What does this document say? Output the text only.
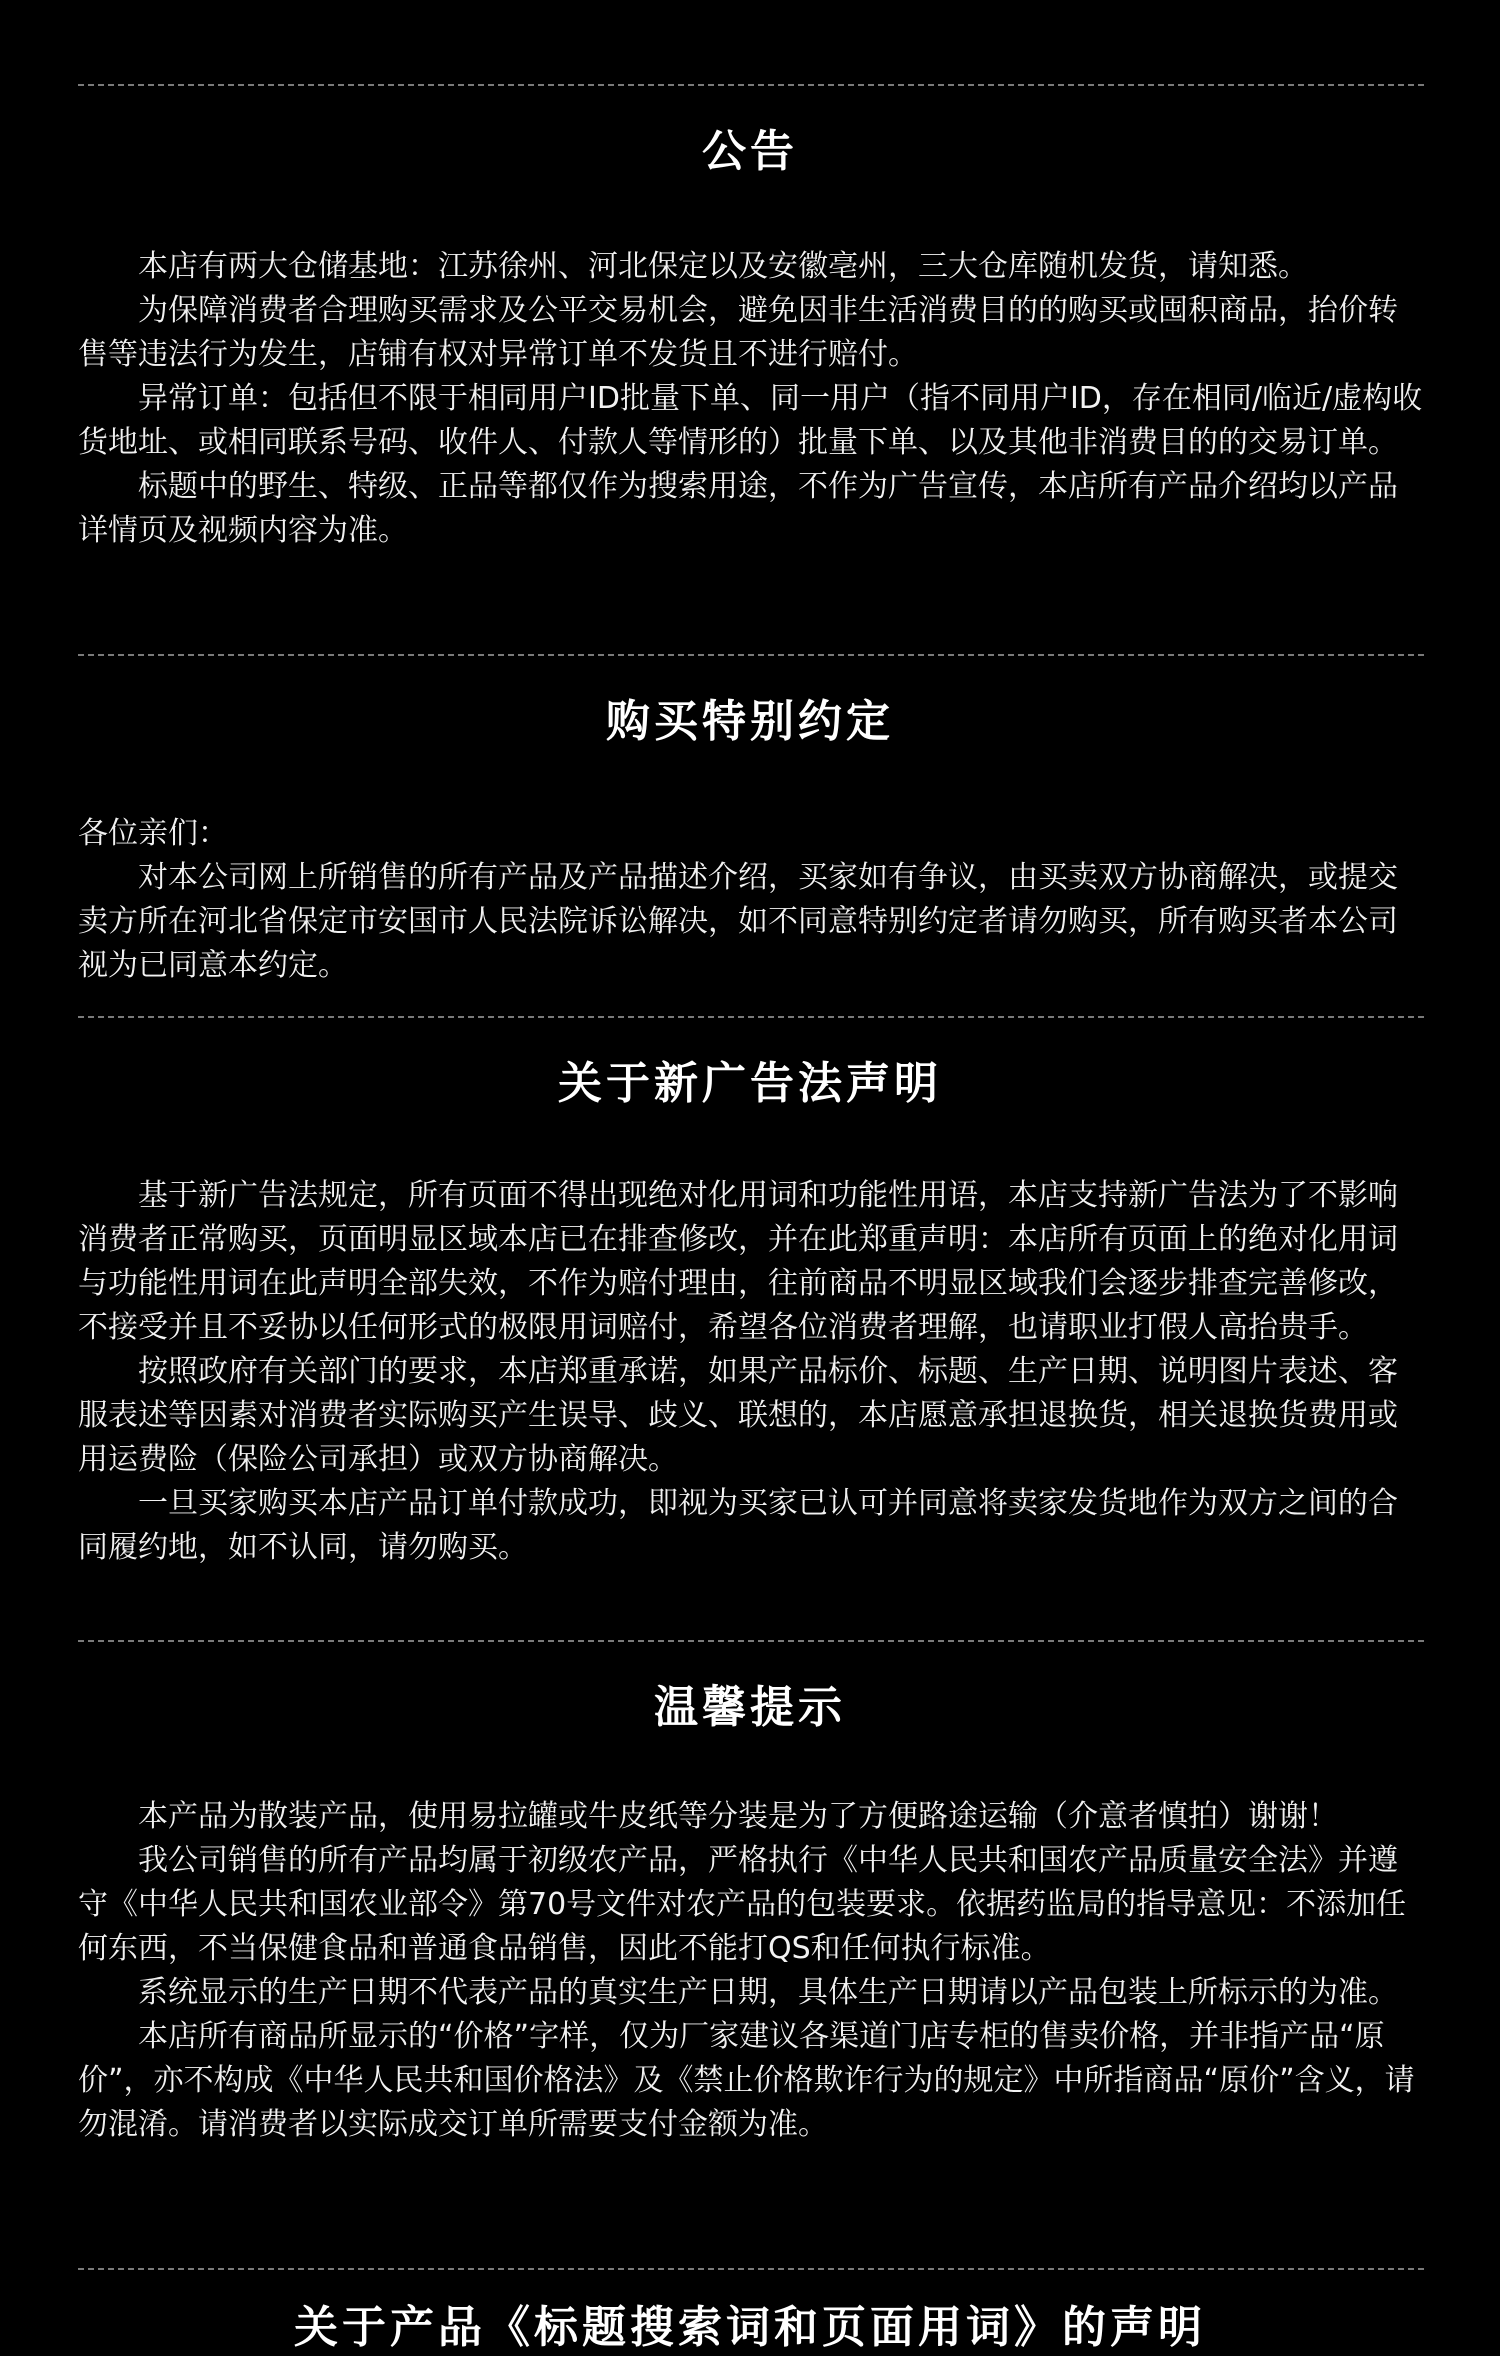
公告

本店有两大仓储基地：江苏徐州、河北保定以及安徽亳州，三大仓库随机发货，请知悉。

为保障消费者合理购买需求及公平交易机会，避免因非生活消费目的的购买或囤积商品，抬价转售等违法行为发生，店铺有权对异常订单不发货且不进行赔付。

异常订单：包括但不限于相同用户ID批量下单、同一用户（指不同用户ID，存在相同/临近/虚构收货地址、或相同联系号码、收件人、付款人等情形的）批量下单、以及其他非消费目的的交易订单。

标题中的野生、特级、正品等都仅作为搜索用途，不作为广告宣传，本店所有产品介绍均以产品详情页及视频内容为准。

购买特别约定

各位亲们：

对本公司网上所销售的所有产品及产品描述介绍，买家如有争议，由买卖双方协商解决，或提交卖方所在河北省保定市安国市人民法院诉讼解决，如不同意特别约定者请勿购买，所有购买者本公司视为已同意本约定。

关于新广告法声明

基于新广告法规定，所有页面不得出现绝对化用词和功能性用语，本店支持新广告法为了不影响消费者正常购买，页面明显区域本店已在排查修改，并在此郑重声明：本店所有页面上的绝对化用词与功能性用词在此声明全部失效，不作为赔付理由，往前商品不明显区域我们会逐步排查完善修改，不接受并且不妥协以任何形式的极限用词赔付，希望各位消费者理解，也请职业打假人高抬贵手。

按照政府有关部门的要求，本店郑重承诺，如果产品标价、标题、生产日期、说明图片表述、客服表述等因素对消费者实际购买产生误导、歧义、联想的，本店愿意承担退换货，相关退换货费用或用运费险（保险公司承担）或双方协商解决。

一旦买家购买本店产品订单付款成功，即视为买家已认可并同意将卖家发货地作为双方之间的合同履约地，如不认同，请勿购买。

温馨提示

本产品为散装产品，使用易拉罐或牛皮纸等分装是为了方便路途运输（介意者慎拍）谢谢！

我公司销售的所有产品均属于初级农产品，严格执行《中华人民共和国农产品质量安全法》并遵守《中华人民共和国农业部令》第70号文件对农产品的包装要求。依据药监局的指导意见：不添加任何东西，不当保健食品和普通食品销售，因此不能打QS和任何执行标准。

系统显示的生产日期不代表产品的真实生产日期，具体生产日期请以产品包装上所标示的为准。

本店所有商品所显示的“价格”字样，仅为厂家建议各渠道门店专柜的售卖价格，并非指产品“原价”，亦不构成《中华人民共和国价格法》及《禁止价格欺诈行为的规定》中所指商品“原价”含义，请勿混淆。请消费者以实际成交订单所需要支付金额为准。

关于产品《标题搜索词和页面用词》的声明
